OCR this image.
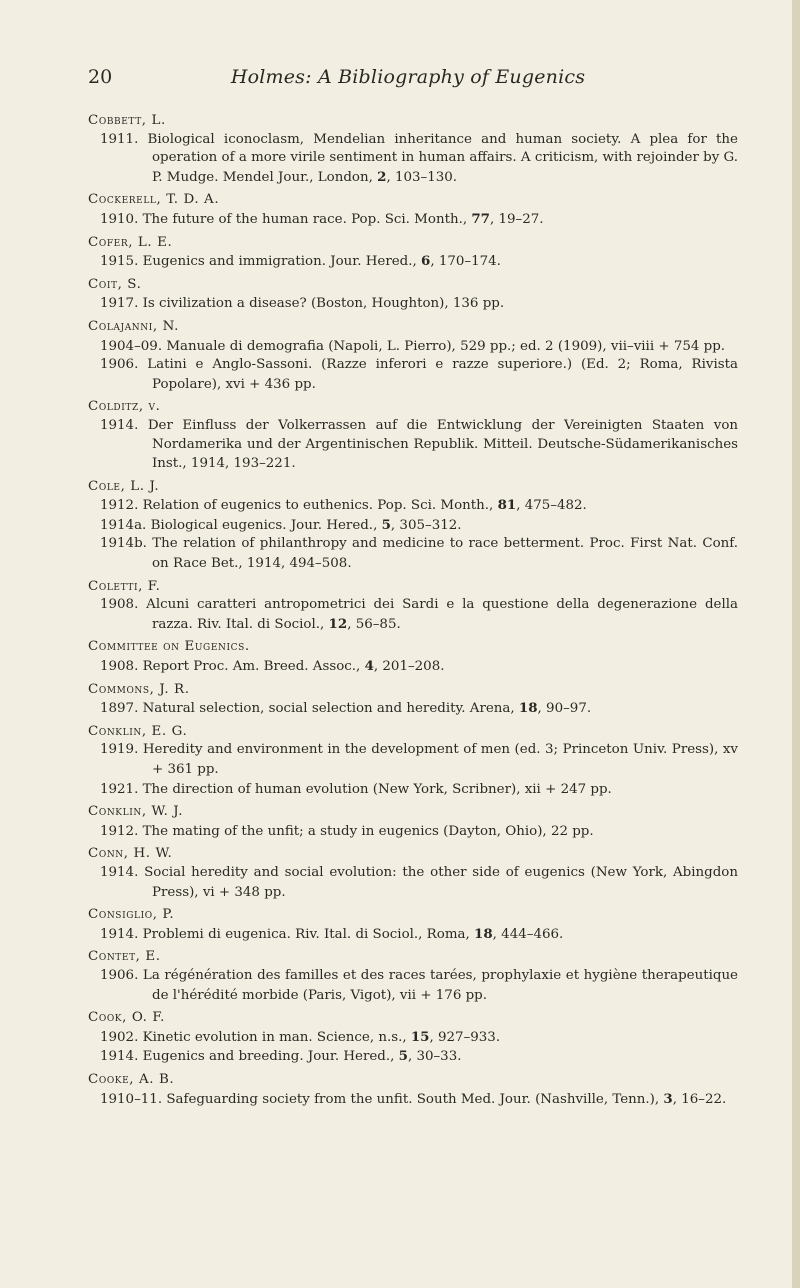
20	Holmes: A Bibliography of Eugenics
Cobbett, L.
1911. Biological iconoclasm, Mendelian inheritance and human society. A plea for the operation of a more virile sentiment in human affairs. A criticism, with rejoinder by G. P. Mudge. Mendel Jour., London, 2, 103–130.
Cockerell, T. D. A.
1910. The future of the human race. Pop. Sci. Month., 77, 19–27.
Cofer, L. E.
1915. Eugenics and immigration. Jour. Hered., 6, 170–174.
Coit, S.
1917. Is civilization a disease? (Boston, Houghton), 136 pp.
Colajanni, N.
1904–09. Manuale di demografia (Napoli, L. Pierro), 529 pp.; ed. 2 (1909), vii–viii + 754 pp.
1906. Latini e Anglo-Sassoni. (Razze inferori e razze superiore.) (Ed. 2; Roma, Rivista Popolare), xvi + 436 pp.
Colditz, v.
1914. Der Einfluss der Volkerrassen auf die Entwicklung der Vereinigten Staaten von Nordamerika und der Argentinischen Republik. Mitteil. Deutsche-Südamerikanisches Inst., 1914, 193–221.
Cole, L. J.
1912. Relation of eugenics to euthenics. Pop. Sci. Month., 81, 475–482.
1914a. Biological eugenics. Jour. Hered., 5, 305–312.
1914b. The relation of philanthropy and medicine to race betterment. Proc. First Nat. Conf. on Race Bet., 1914, 494–508.
Coletti, F.
1908. Alcuni caratteri antropometrici dei Sardi e la questione della degenerazione della razza. Riv. Ital. di Sociol., 12, 56–85.
Committee on Eugenics.
1908. Report Proc. Am. Breed. Assoc., 4, 201–208.
Commons, J. R.
1897. Natural selection, social selection and heredity. Arena, 18, 90–97.
Conklin, E. G.
1919. Heredity and environment in the development of men (ed. 3; Princeton Univ. Press), xv + 361 pp.
1921. The direction of human evolution (New York, Scribner), xii + 247 pp.
Conklin, W. J.
1912. The mating of the unfit; a study in eugenics (Dayton, Ohio), 22 pp.
Conn, H. W.
1914. Social heredity and social evolution: the other side of eugenics (New York, Abingdon Press), vi + 348 pp.
Consiglio, P.
1914. Problemi di eugenica. Riv. Ital. di Sociol., Roma, 18, 444–466.
Contet, E.
1906. La régénération des familles et des races tarées, prophylaxie et hygiène therapeutique de l'hérédité morbide (Paris, Vigot), vii + 176 pp.
Cook, O. F.
1902. Kinetic evolution in man. Science, n.s., 15, 927–933.
1914. Eugenics and breeding. Jour. Hered., 5, 30–33.
Cooke, A. B.
1910–11. Safeguarding society from the unfit. South Med. Jour. (Nashville, Tenn.), 3, 16–22.
